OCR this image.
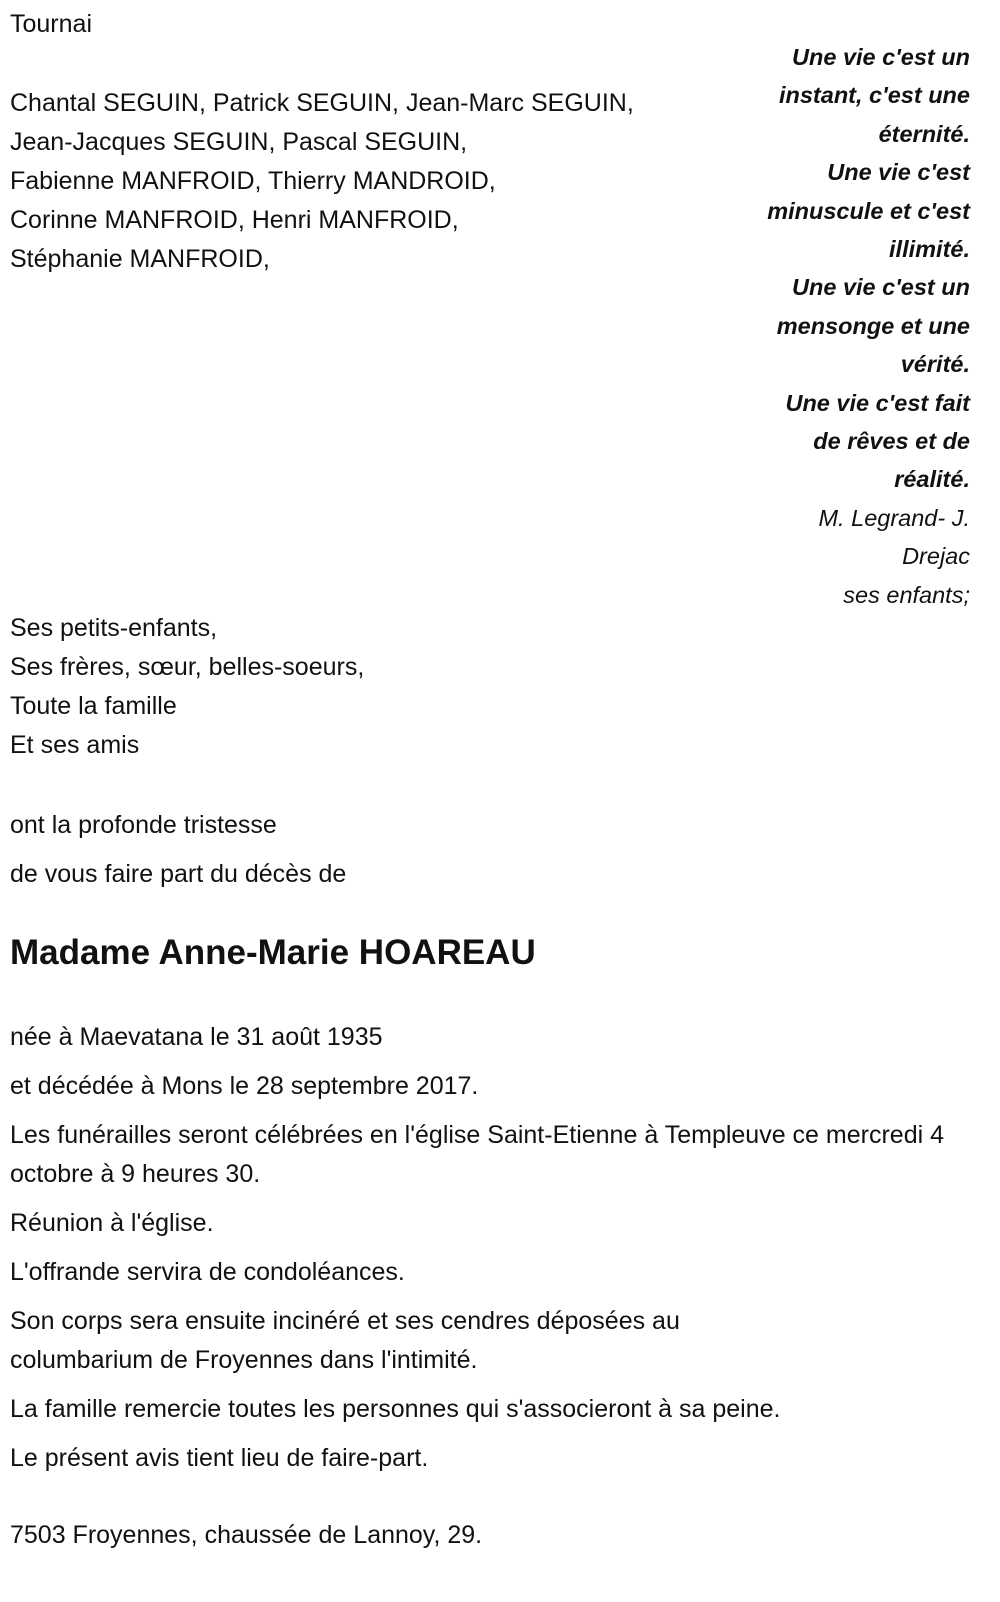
Tournai
Chantal SEGUIN, Patrick SEGUIN, Jean-Marc SEGUIN,
Jean-Jacques SEGUIN, Pascal SEGUIN,
Fabienne MANFROID, Thierry MANDROID,
Corinne MANFROID, Henri MANFROID,
Stéphanie MANFROID,
Une vie c'est un
instant, c'est une
éternité.
Une vie c'est
minuscule et c'est
illimité.
Une vie c'est un
mensonge et une
vérité.
Une vie c'est fait
de rêves et de
réalité.
M. Legrand- J.
Drejac
ses enfants;
Ses petits-enfants,
Ses frères, sœur, belles-soeurs,
Toute la famille
Et ses amis
ont la profonde tristesse
de vous faire part du décès de
Madame Anne-Marie HOAREAU

née à Maevatana le 31 août 1935

et décédée à Mons le 28 septembre 2017.

Les funérailles seront célébrées en l'église Saint-Etienne à Templeuve ce mercredi 4 octobre à 9 heures 30.

Réunion à l'église.

L'offrande servira de condoléances.

Son corps sera ensuite incinéré et ses cendres déposées au columbarium de Froyennes dans l'intimité.

La famille remercie toutes les personnes qui s'associeront à sa peine.

Le présent avis tient lieu de faire-part.

7503 Froyennes, chaussée de Lannoy, 29.
